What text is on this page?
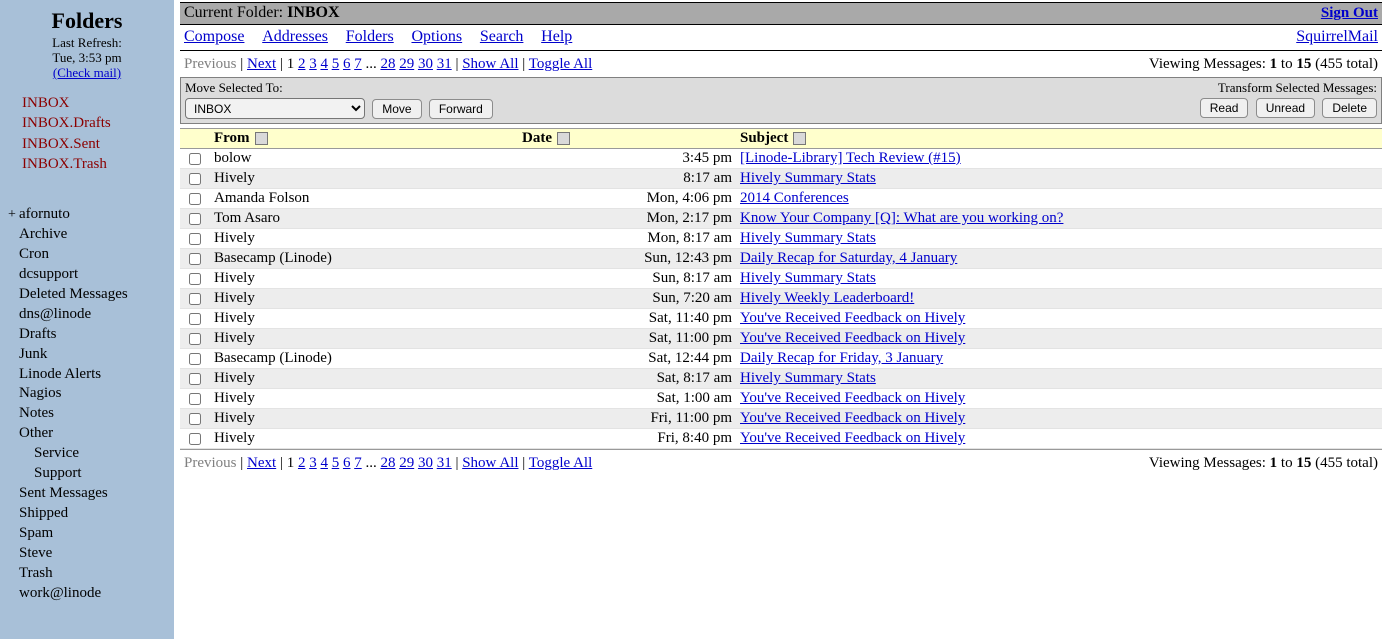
Folders
Last Refresh:
Tue, 3:53 pm
(Check mail)
INBOX
INBOX.Drafts
INBOX.Sent
INBOX.Trash
+ afornuto
Archive
Cron
dcsupport
Deleted Messages
dns@linode
Drafts
Junk
Linode Alerts
Nagios
Notes
Other
Service
Support
Sent Messages
Shipped
Spam
Steve
Trash
work@linode
Current Folder: INBOX	Sign Out
Compose Addresses Folders Options Search Help	SquirrelMail
Previous | Next | 1 2 3 4 5 6 7 ... 28 29 30 31 | Show All | Toggle All	Viewing Messages: 1 to 15 (455 total)
Move Selected To:
INBOX Move Forward
Transform Selected Messages:
Read Unread Delete
	From	Date	Subject
	bolow	3:45 pm	[Linode-Library] Tech Review (#15)
	Hively	8:17 am	Hively Summary Stats
	Amanda Folson	Mon, 4:06 pm	2014 Conferences
	Tom Asaro	Mon, 2:17 pm	Know Your Company [Q]: What are you working on?
	Hively	Mon, 8:17 am	Hively Summary Stats
	Basecamp (Linode)	Sun, 12:43 pm	Daily Recap for Saturday, 4 January
	Hively	Sun, 8:17 am	Hively Summary Stats
	Hively	Sun, 7:20 am	Hively Weekly Leaderboard!
	Hively	Sat, 11:40 pm	You've Received Feedback on Hively
	Hively	Sat, 11:00 pm	You've Received Feedback on Hively
	Basecamp (Linode)	Sat, 12:44 pm	Daily Recap for Friday, 3 January
	Hively	Sat, 8:17 am	Hively Summary Stats
	Hively	Sat, 1:00 am	You've Received Feedback on Hively
	Hively	Fri, 11:00 pm	You've Received Feedback on Hively
	Hively	Fri, 8:40 pm	You've Received Feedback on Hively
Previous | Next | 1 2 3 4 5 6 7 ... 28 29 30 31 | Show All | Toggle All	Viewing Messages: 1 to 15 (455 total)
